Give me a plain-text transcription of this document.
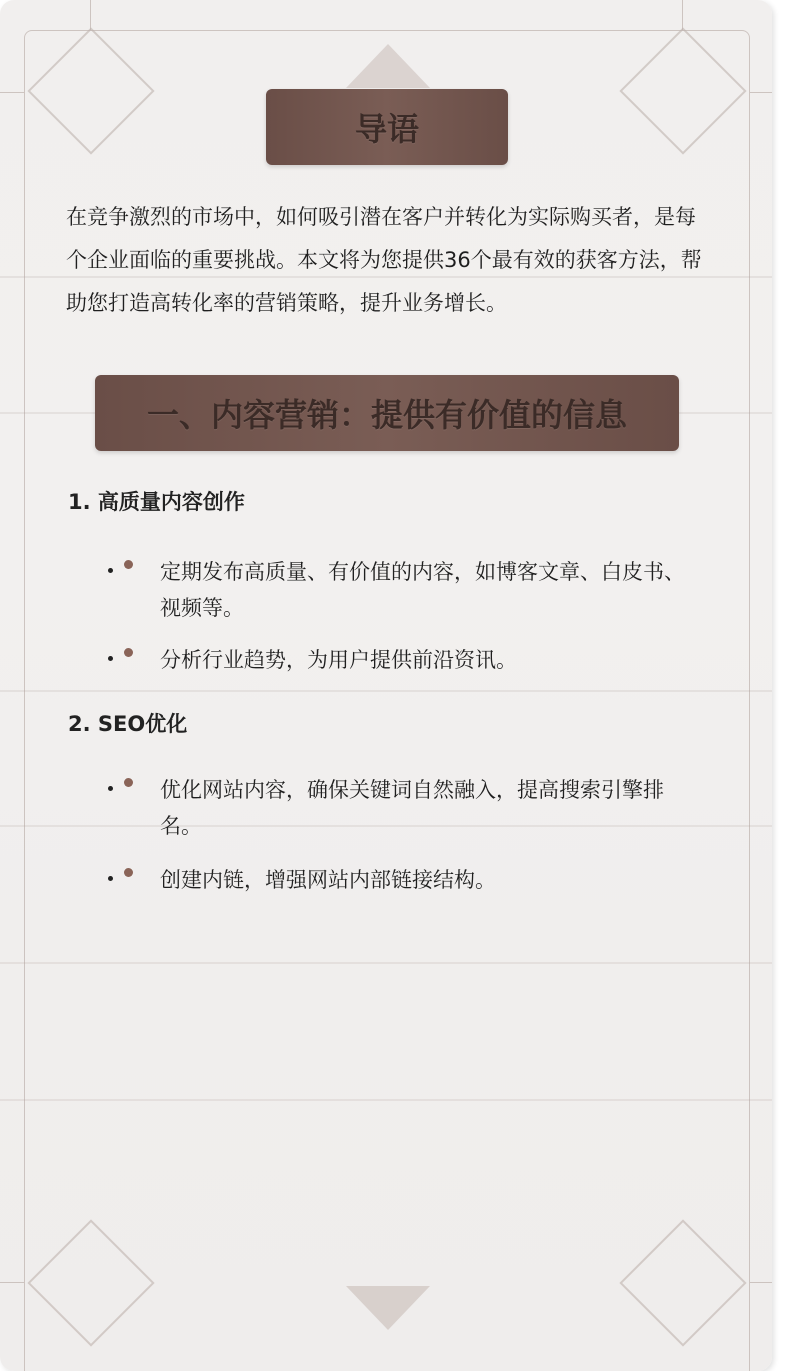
导语
在竞争激烈的市场中，如何吸引潜在客户并转化为实际购买者，是每个企业面临的重要挑战。本文将为您提供36个最有效的获客方法，帮助您打造高转化率的营销策略，提升业务增长。
一、内容营销：提供有价值的信息
1. 高质量内容创作
定期发布高质量、有价值的内容，如博客文章、白皮书、视频等。
分析行业趋势，为用户提供前沿资讯。
2. SEO优化
优化网站内容，确保关键词自然融入，提高搜索引擎排名。
创建内链，增强网站内部链接结构。
